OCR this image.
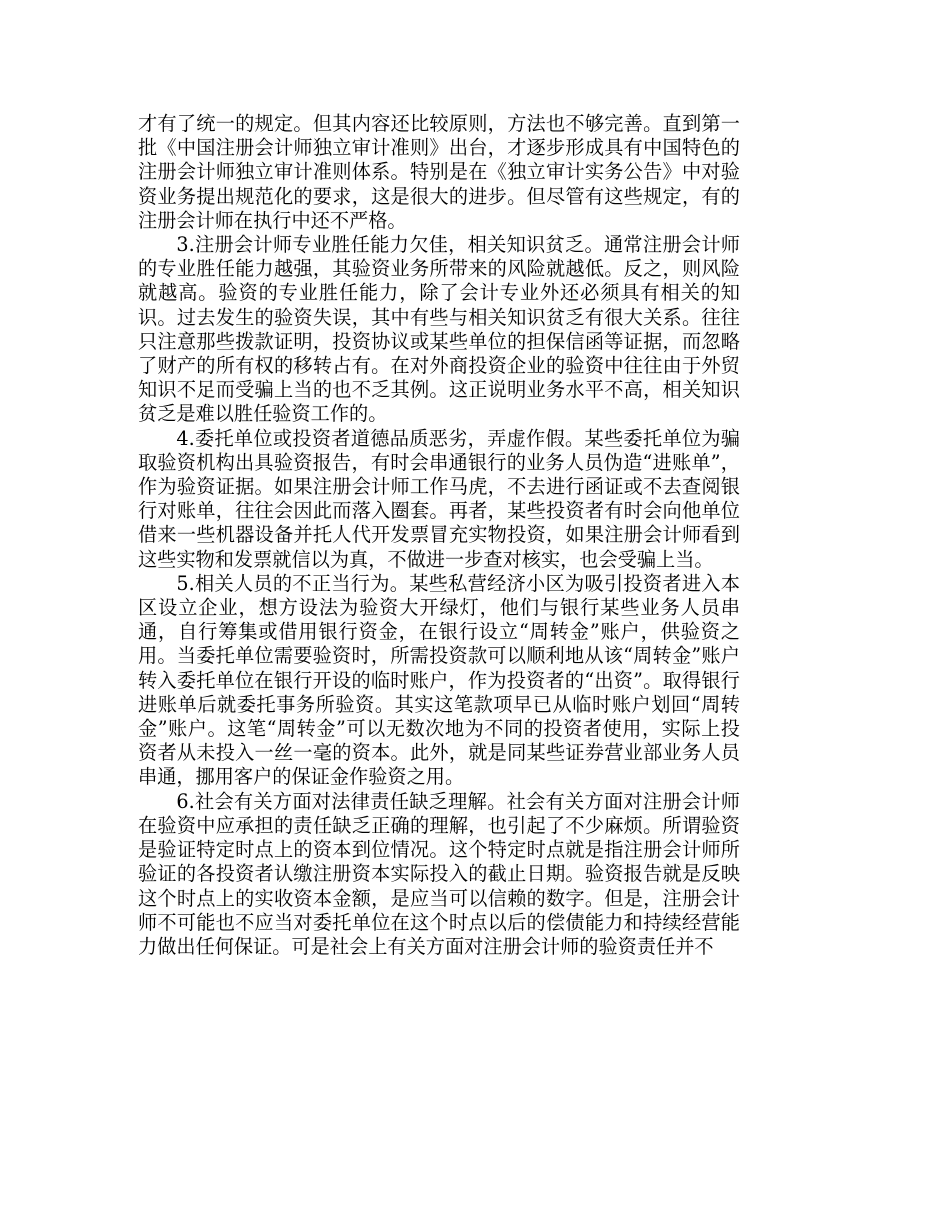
才有了统一的规定。但其内容还比较原则，方法也不够完善。直到第一批《中国注册会计师独立审计准则》出台，才逐步形成具有中国特色的注册会计师独立审计准则体系。特别是在《独立审计实务公告》中对验资业务提出规范化的要求，这是很大的进步。但尽管有这些规定，有的注册会计师在执行中还不严格。

3.注册会计师专业胜任能力欠佳，相关知识贫乏。通常注册会计师的专业胜任能力越强，其验资业务所带来的风险就越低。反之，则风险就越高。验资的专业胜任能力，除了会计专业外还必须具有相关的知识。过去发生的验资失误，其中有些与相关知识贫乏有很大关系。往往只注意那些拨款证明，投资协议或某些单位的担保信函等证据，而忽略了财产的所有权的移转占有。在对外商投资企业的验资中往往由于外贸知识不足而受骗上当的也不乏其例。这正说明业务水平不高，相关知识贫乏是难以胜任验资工作的。

4.委托单位或投资者道德品质恶劣，弄虚作假。某些委托单位为骗取验资机构出具验资报告，有时会串通银行的业务人员伪造“进账单”，作为验资证据。如果注册会计师工作马虎，不去进行函证或不去查阅银行对账单，往往会因此而落入圈套。再者，某些投资者有时会向他单位借来一些机器设备并托人代开发票冒充实物投资，如果注册会计师看到这些实物和发票就信以为真，不做进一步查对核实，也会受骗上当。

5.相关人员的不正当行为。某些私营经济小区为吸引投资者进入本区设立企业，想方设法为验资大开绿灯，他们与银行某些业务人员串通，自行筹集或借用银行资金，在银行设立“周转金”账户，供验资之用。当委托单位需要验资时，所需投资款可以顺利地从该“周转金”账户转入委托单位在银行开设的临时账户，作为投资者的“出资”。取得银行进账单后就委托事务所验资。其实这笔款项早已从临时账户划回“周转金”账户。这笔“周转金”可以无数次地为不同的投资者使用，实际上投资者从未投入一丝一毫的资本。此外，就是同某些证券营业部业务人员串通，挪用客户的保证金作验资之用。

6.社会有关方面对法律责任缺乏理解。社会有关方面对注册会计师在验资中应承担的责任缺乏正确的理解，也引起了不少麻烦。所谓验资是验证特定时点上的资本到位情况。这个特定时点就是指注册会计师所验证的各投资者认缴注册资本实际投入的截止日期。验资报告就是反映这个时点上的实收资本金额，是应当可以信赖的数字。但是，注册会计师不可能也不应当对委托单位在这个时点以后的偿债能力和持续经营能力做出任何保证。可是社会上有关方面对注册会计师的验资责任并不
